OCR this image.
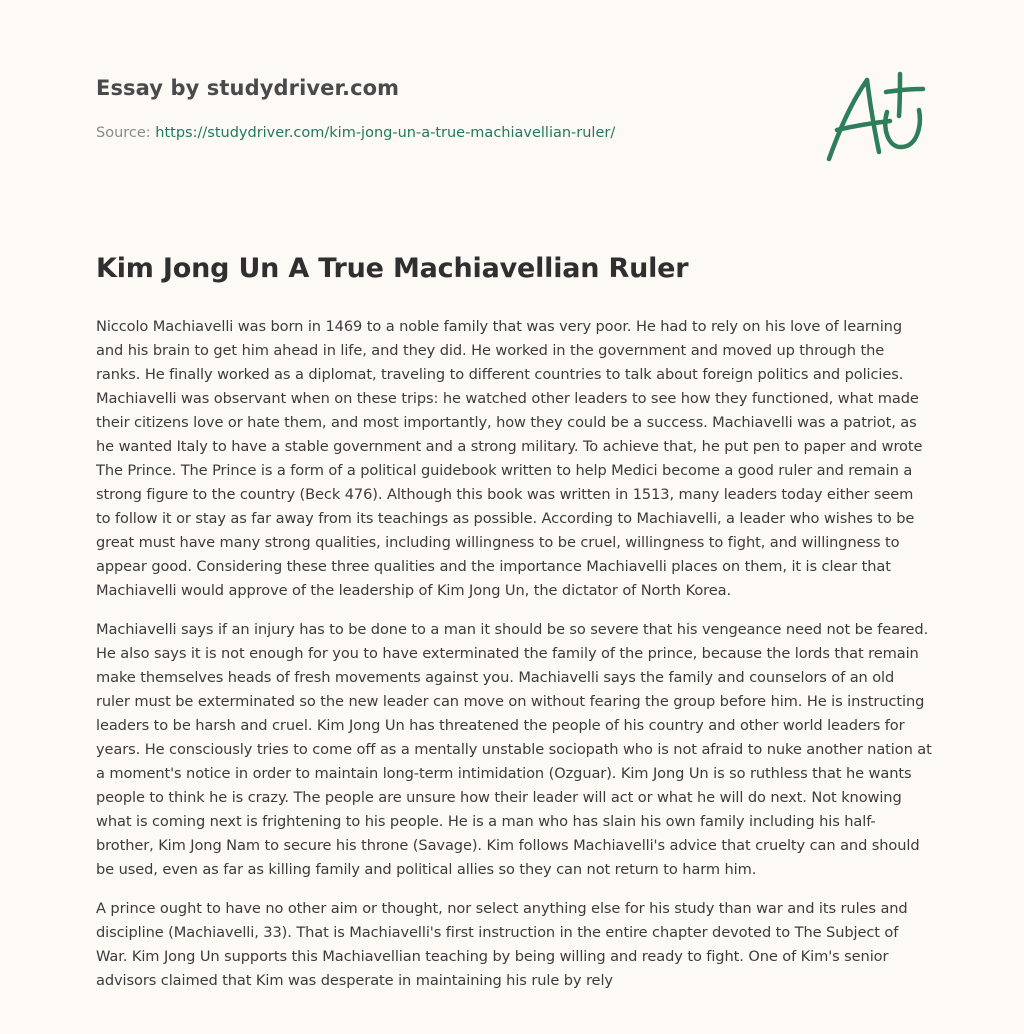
Essay by studydriver.com
Source: https://studydriver.com/kim-jong-un-a-true-machiavellian-ruler/
Kim Jong Un A True Machiavellian Ruler

Niccolo Machiavelli was born in 1469 to a noble family that was very poor. He had to rely on his love of learning and his brain to get him ahead in life, and they did. He worked in the government and moved up through the ranks. He finally worked as a diplomat, traveling to different countries to talk about foreign politics and policies. Machiavelli was observant when on these trips: he watched other leaders to see how they functioned, what made their citizens love or hate them, and most importantly, how they could be a success. Machiavelli was a patriot, as he wanted Italy to have a stable government and a strong military. To achieve that, he put pen to paper and wrote The Prince. The Prince is a form of a political guidebook written to help Medici become a good ruler and remain a strong figure to the country (Beck 476). Although this book was written in 1513, many leaders today either seem to follow it or stay as far away from its teachings as possible. According to Machiavelli, a leader who wishes to be great must have many strong qualities, including willingness to be cruel, willingness to fight, and willingness to appear good. Considering these three qualities and the importance Machiavelli places on them, it is clear that Machiavelli would approve of the leadership of Kim Jong Un, the dictator of North Korea.

Machiavelli says if an injury has to be done to a man it should be so severe that his vengeance need not be feared. He also says it is not enough for you to have exterminated the family of the prince, because the lords that remain make themselves heads of fresh movements against you. Machiavelli says the family and counselors of an old ruler must be exterminated so the new leader can move on without fearing the group before him. He is instructing leaders to be harsh and cruel. Kim Jong Un has threatened the people of his country and other world leaders for years. He consciously tries to come off as a mentally unstable sociopath who is not afraid to nuke another nation at a moment's notice in order to maintain long-term intimidation (Ozguar). Kim Jong Un is so ruthless that he wants people to think he is crazy. The people are unsure how their leader will act or what he will do next. Not knowing what is coming next is frightening to his people. He is a man who has slain his own family including his half-brother, Kim Jong Nam to secure his throne (Savage). Kim follows Machiavelli's advice that cruelty can and should be used, even as far as killing family and political allies so they can not return to harm him.

A prince ought to have no other aim or thought, nor select anything else for his study than war and its rules and discipline (Machiavelli, 33). That is Machiavelli's first instruction in the entire chapter devoted to The Subject of War. Kim Jong Un supports this Machiavellian teaching by being willing and ready to fight. One of Kim's senior advisors claimed that Kim was desperate in maintaining his rule by rely
